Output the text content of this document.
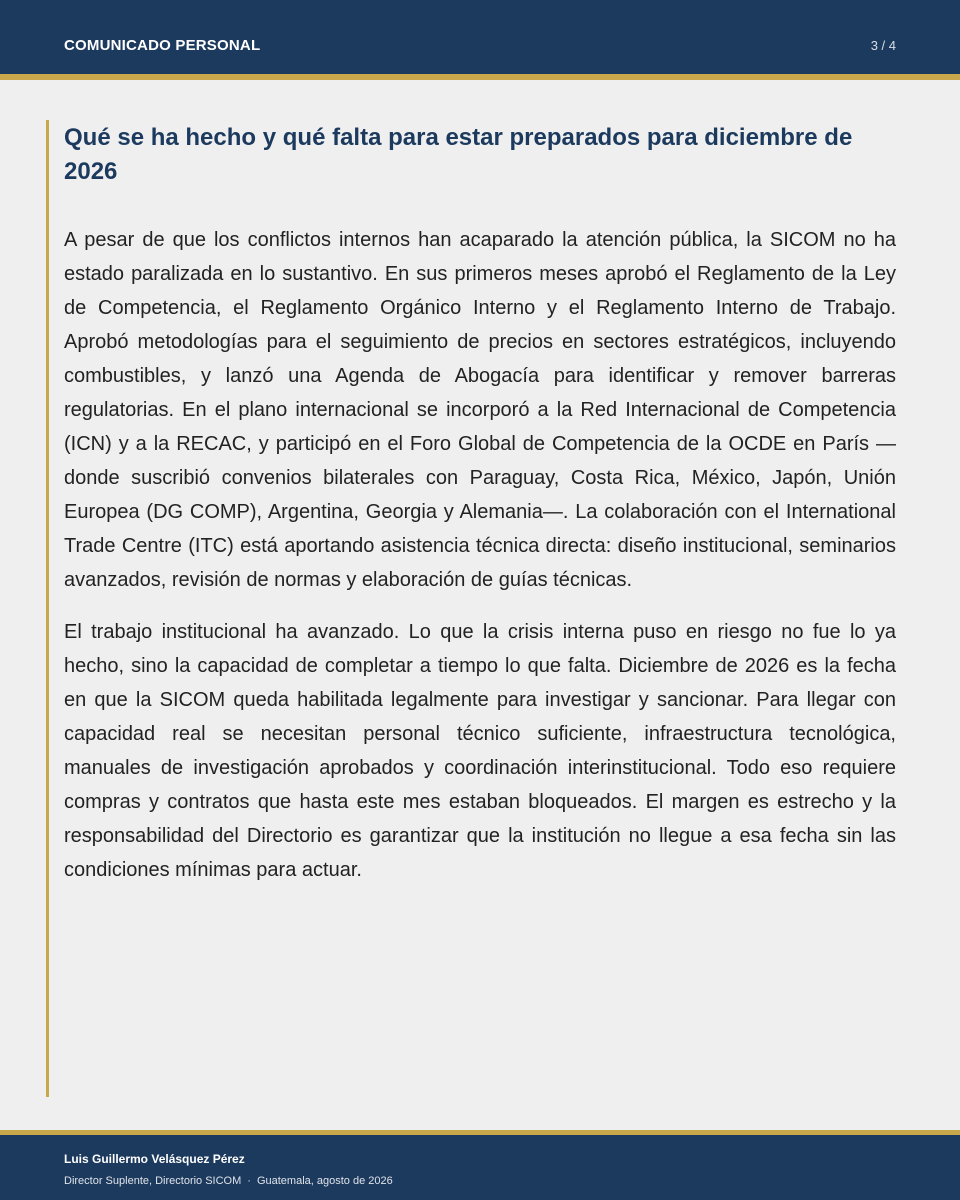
COMUNICADO PERSONAL	3 / 4
Qué se ha hecho y qué falta para estar preparados para diciembre de 2026

A pesar de que los conflictos internos han acaparado la atención pública, la SICOM no ha estado paralizada en lo sustantivo. En sus primeros meses aprobó el Reglamento de la Ley de Competencia, el Reglamento Orgánico Interno y el Reglamento Interno de Trabajo. Aprobó metodologías para el seguimiento de precios en sectores estratégicos, incluyendo combustibles, y lanzó una Agenda de Abogacía para identificar y remover barreras regulatorias. En el plano internacional se incorporó a la Red Internacional de Competencia (ICN) y a la RECAC, y participó en el Foro Global de Competencia de la OCDE en París —donde suscribió convenios bilaterales con Paraguay, Costa Rica, México, Japón, Unión Europea (DG COMP), Argentina, Georgia y Alemania—. La colaboración con el International Trade Centre (ITC) está aportando asistencia técnica directa: diseño institucional, seminarios avanzados, revisión de normas y elaboración de guías técnicas.

El trabajo institucional ha avanzado. Lo que la crisis interna puso en riesgo no fue lo ya hecho, sino la capacidad de completar a tiempo lo que falta. Diciembre de 2026 es la fecha en que la SICOM queda habilitada legalmente para investigar y sancionar. Para llegar con capacidad real se necesitan personal técnico suficiente, infraestructura tecnológica, manuales de investigación aprobados y coordinación interinstitucional. Todo eso requiere compras y contratos que hasta este mes estaban bloqueados. El margen es estrecho y la responsabilidad del Directorio es garantizar que la institución no llegue a esa fecha sin las condiciones mínimas para actuar.

Luis Guillermo Velásquez Pérez
Director Suplente, Directorio SICOM · Guatemala, agosto de 2026
